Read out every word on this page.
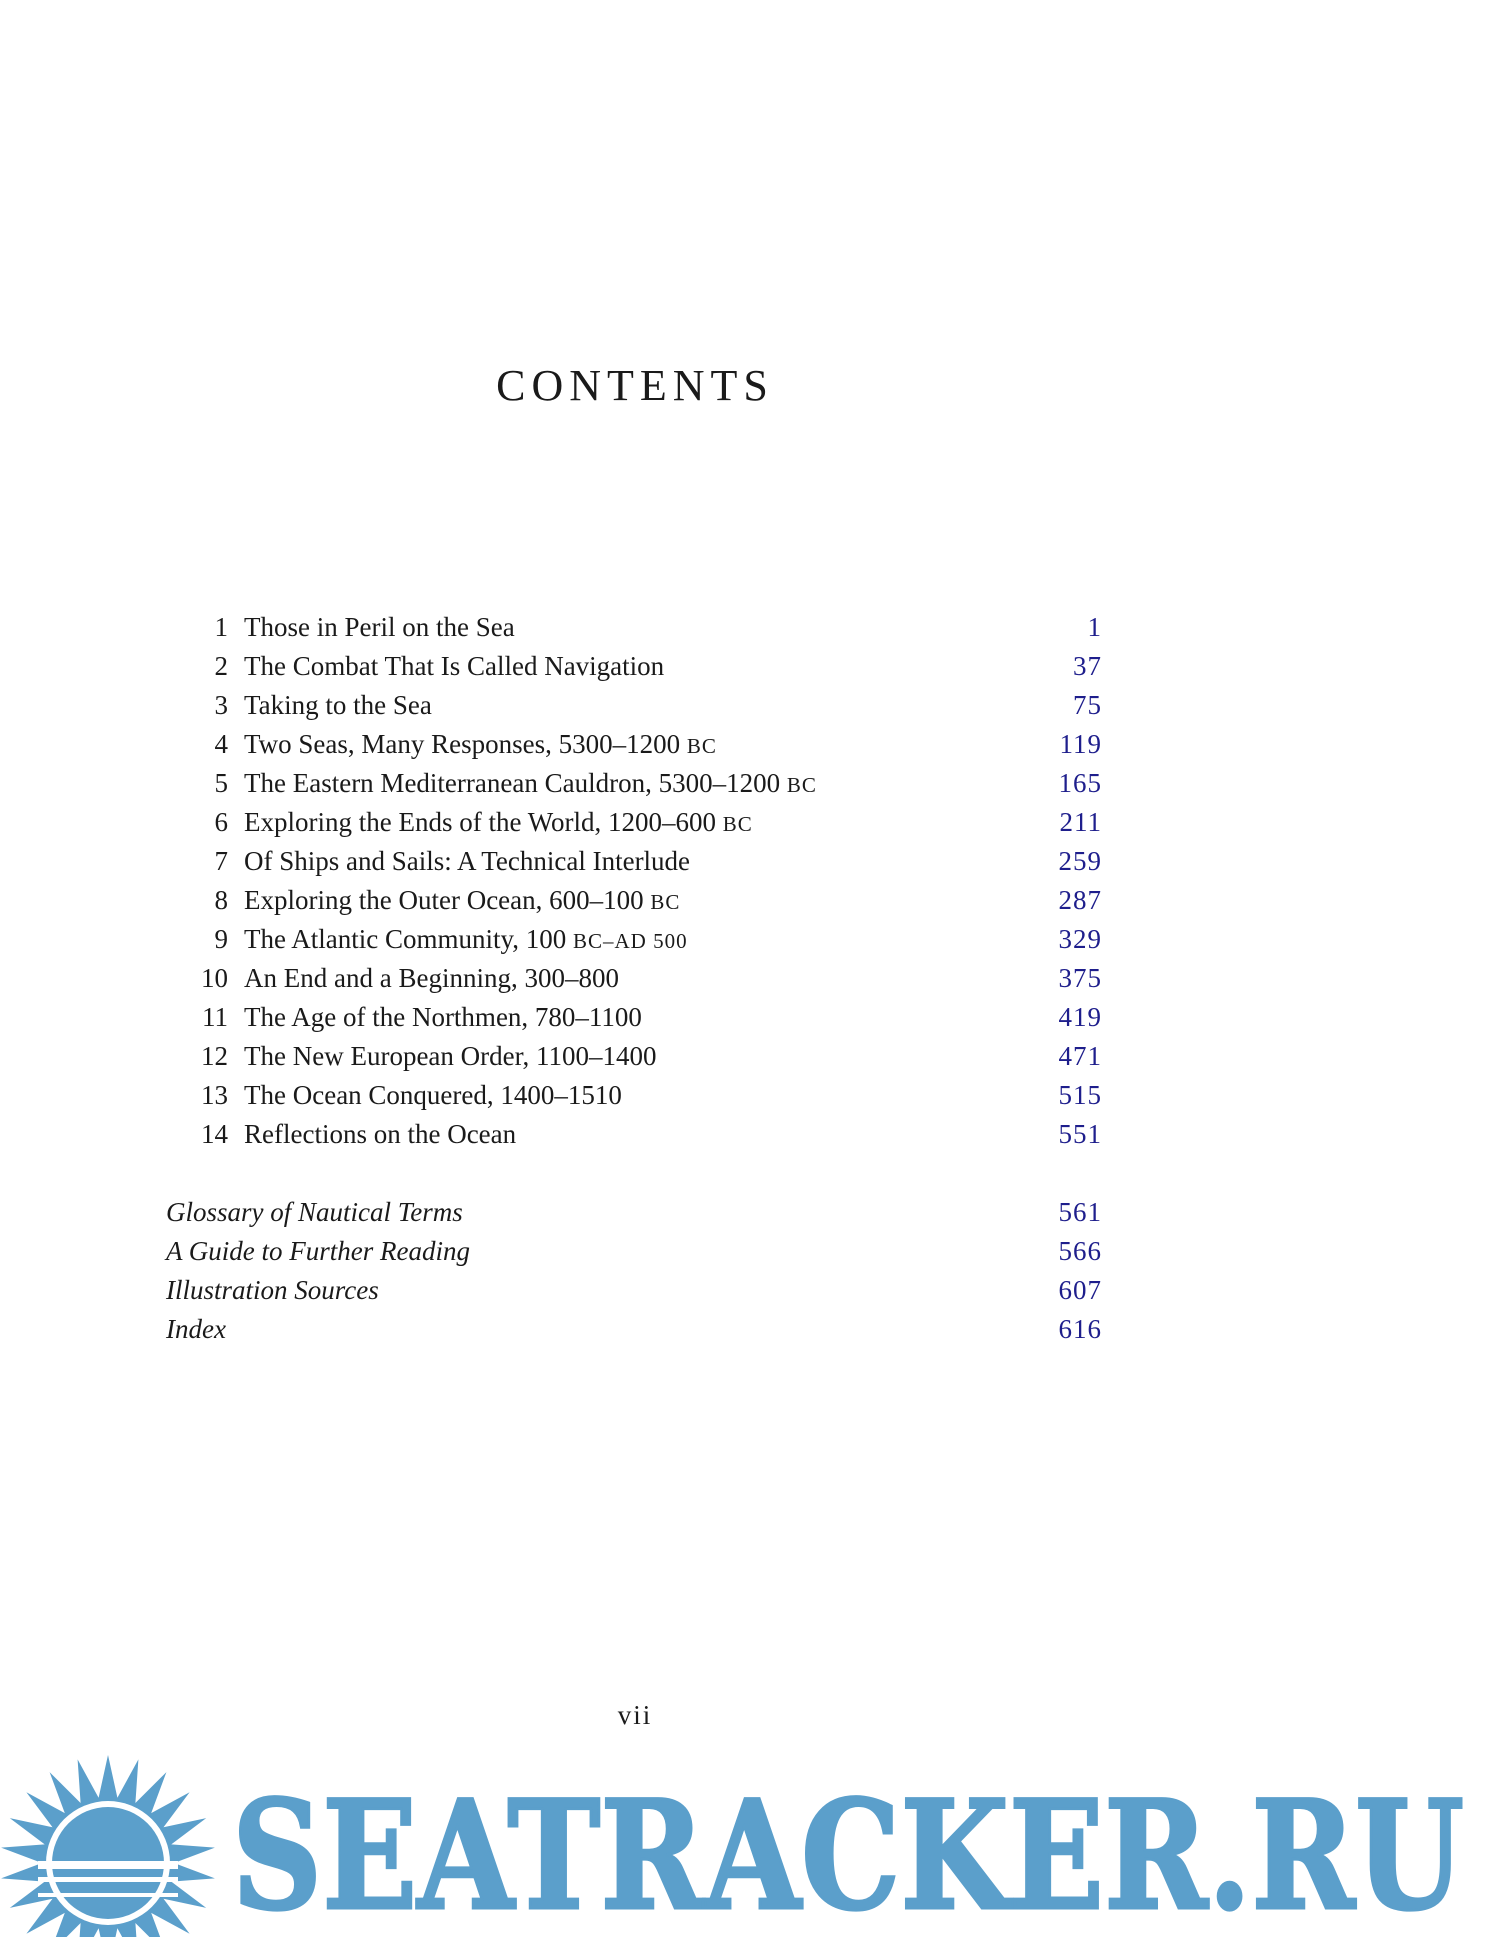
CONTENTS
1 Those in Peril on the Sea	1
2 The Combat That Is Called Navigation	37
3 Taking to the Sea	75
4 Two Seas, Many Responses, 5300–1200 BC	119
5 The Eastern Mediterranean Cauldron, 5300–1200 BC	165
6 Exploring the Ends of the World, 1200–600 BC	211
7 Of Ships and Sails: A Technical Interlude	259
8 Exploring the Outer Ocean, 600–100 BC	287
9 The Atlantic Community, 100 BC–AD 500	329
10 An End and a Beginning, 300–800	375
11 The Age of the Northmen, 780–1100	419
12 The New European Order, 1100–1400	471
13 The Ocean Conquered, 1400–1510	515
14 Reflections on the Ocean	551
Glossary of Nautical Terms	561
A Guide to Further Reading	566
Illustration Sources	607
Index	616
vii
SEATRACKER.RU
